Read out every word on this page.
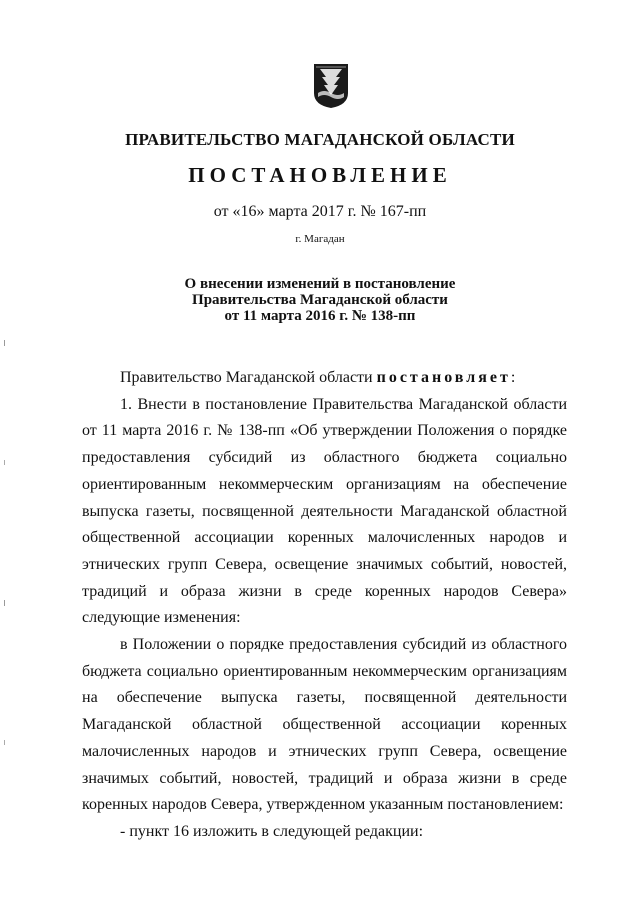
ПРАВИТЕЛЬСТВО МАГАДАНСКОЙ ОБЛАСТИ

ПОСТАНОВЛЕНИЕ

от «16» марта 2017 г. № 167-пп

г. Магадан

О внесении изменений в постановление
Правительства Магаданской области
от 11 марта 2016 г. № 138-пп

Правительство Магаданской области постановляет:

1. Внести в постановление Правительства Магаданской области от 11 марта 2016 г. № 138-пп «Об утверждении Положения о порядке предоставления субсидий из областного бюджета социально ориентированным некоммерческим организациям на обеспечение выпуска газеты, посвященной деятельности Магаданской областной общественной ассоциации коренных малочисленных народов и этнических групп Севера, освещение значимых событий, новостей, традиций и образа жизни в среде коренных народов Севера» следующие изменения:

в Положении о порядке предоставления субсидий из областного бюджета социально ориентированным некоммерческим организациям на обеспечение выпуска газеты, посвященной деятельности Магаданской областной общественной ассоциации коренных малочисленных народов и этнических групп Севера, освещение значимых событий, новостей, традиций и образа жизни в среде коренных народов Севера, утвержденном указанным постановлением:

- пункт 16 изложить в следующей редакции:
